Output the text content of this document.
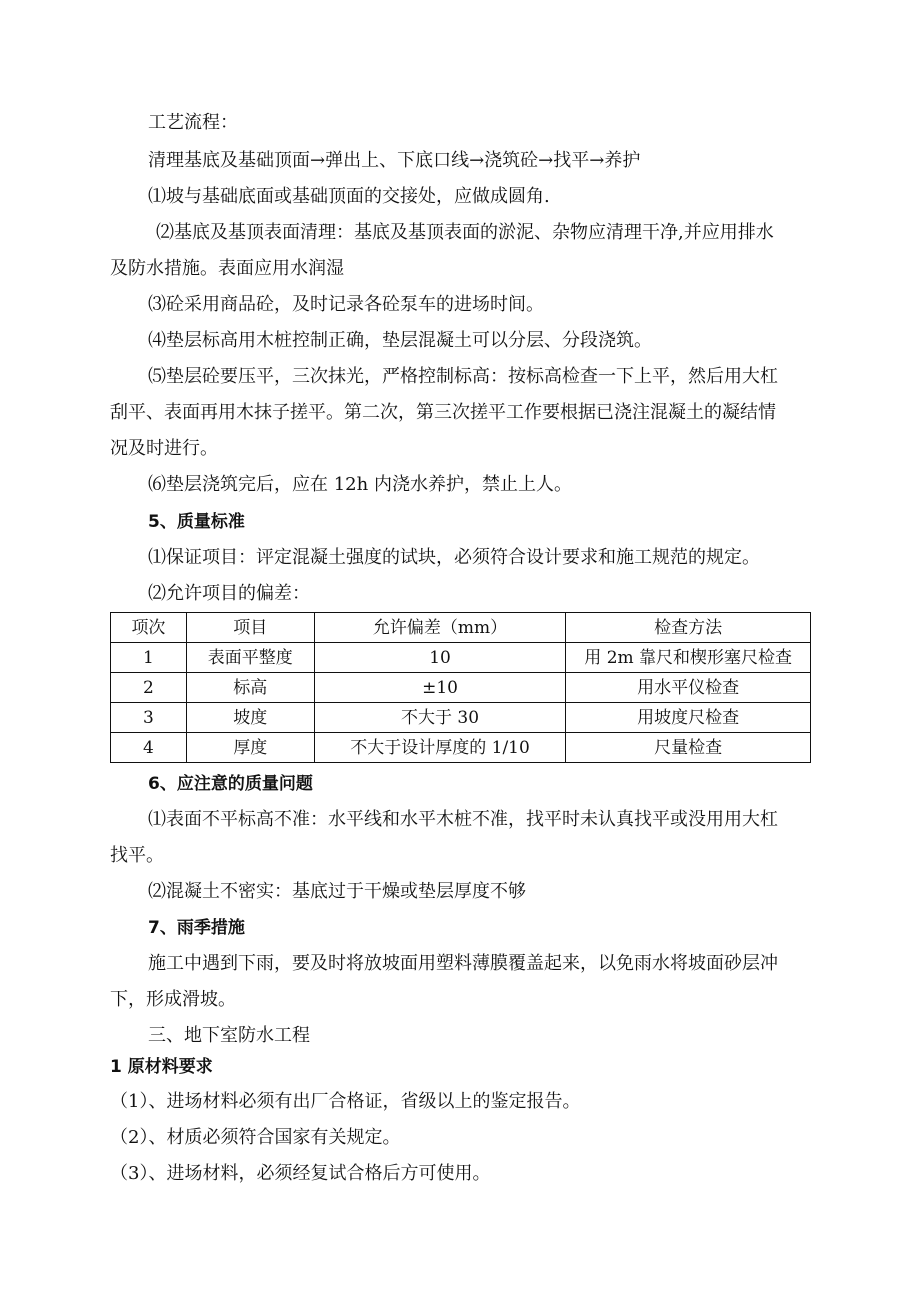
工艺流程：
清理基底及基础顶面→弹出上、下底口线→浇筑砼→找平→养护
⑴坡与基础底面或基础顶面的交接处，应做成圆角.
⑵基底及基顶表面清理：基底及基顶表面的淤泥、杂物应清理干净,并应用排水
及防水措施。表面应用水润湿
⑶砼采用商品砼，及时记录各砼泵车的进场时间。
⑷垫层标高用木桩控制正确，垫层混凝土可以分层、分段浇筑。
⑸垫层砼要压平，三次抹光，严格控制标高：按标高检查一下上平，然后用大杠
刮平、表面再用木抹子搓平。第二次，第三次搓平工作要根据已浇注混凝土的凝结情
况及时进行。
⑹垫层浇筑完后，应在 12h 内浇水养护，禁止上人。
5、质量标准
⑴保证项目：评定混凝土强度的试块，必须符合设计要求和施工规范的规定。
⑵允许项目的偏差：
项次	项目	允许偏差（mm）	检查方法
1	表面平整度	10	用 2m 靠尺和楔形塞尺检查
2	标高	±10	用水平仪检查
3	坡度	不大于 30	用坡度尺检查
4	厚度	不大于设计厚度的 1/10	尺量检查
6、应注意的质量问题
⑴表面不平标高不准：水平线和水平木桩不准，找平时未认真找平或没用用大杠
找平。
⑵混凝土不密实：基底过于干燥或垫层厚度不够
7、雨季措施
施工中遇到下雨，要及时将放坡面用塑料薄膜覆盖起来，以免雨水将坡面砂层冲
下，形成滑坡。
三、地下室防水工程
1 原材料要求
（1）、进场材料必须有出厂合格证，省级以上的鉴定报告。
（2）、材质必须符合国家有关规定。
（3）、进场材料，必须经复试合格后方可使用。
